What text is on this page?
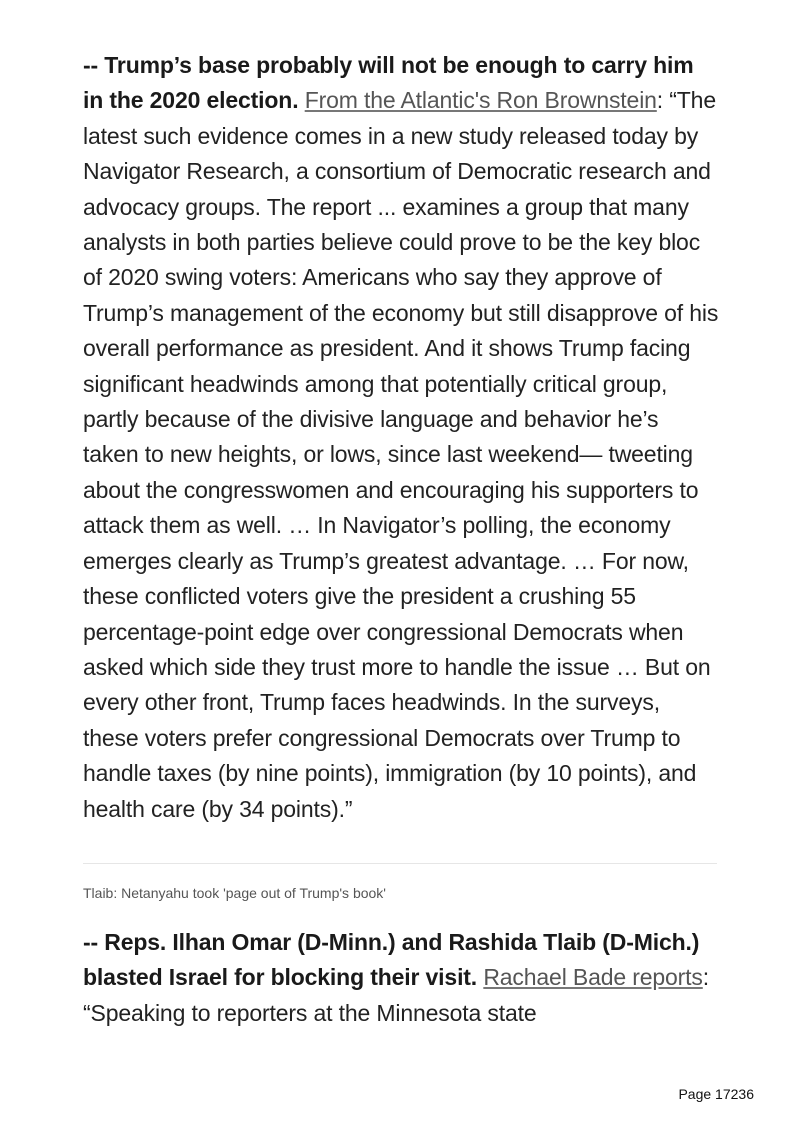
-- Trump’s base probably will not be enough to carry him in the 2020 election. From the Atlantic's Ron Brownstein: “The latest such evidence comes in a new study released today by Navigator Research, a consortium of Democratic research and advocacy groups. The report ... examines a group that many analysts in both parties believe could prove to be the key bloc of 2020 swing voters: Americans who say they approve of Trump’s management of the economy but still disapprove of his overall performance as president. And it shows Trump facing significant headwinds among that potentially critical group, partly because of the divisive language and behavior he’s taken to new heights, or lows, since last weekend— tweeting about the congresswomen and encouraging his supporters to attack them as well. … In Navigator’s polling, the economy emerges clearly as Trump’s greatest advantage. … For now, these conflicted voters give the president a crushing 55 percentage-point edge over congressional Democrats when asked which side they trust more to handle the issue … But on every other front, Trump faces headwinds. In the surveys, these voters prefer congressional Democrats over Trump to handle taxes (by nine points), immigration (by 10 points), and health care (by 34 points).”

Tlaib: Netanyahu took 'page out of Trump's book'

-- Reps. Ilhan Omar (D-Minn.) and Rashida Tlaib (D-Mich.) blasted Israel for blocking their visit. Rachael Bade reports: “Speaking to reporters at the Minnesota state

Page 17236
